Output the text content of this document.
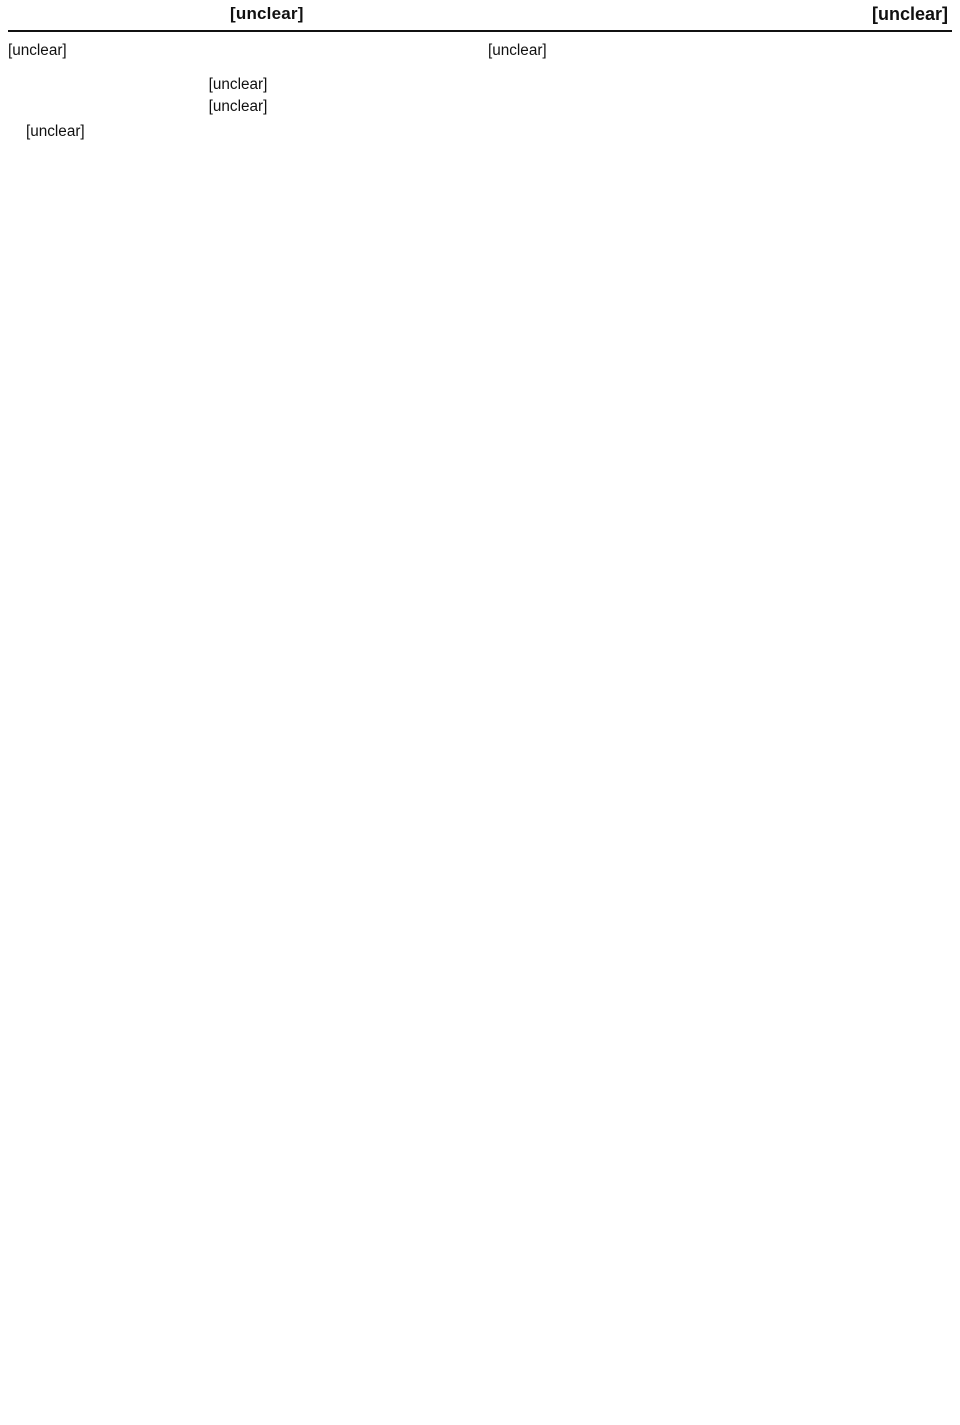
[unclear]	[unclear]

[unclear]

[unclear]

[unclear]

[unclear]

[unclear]
